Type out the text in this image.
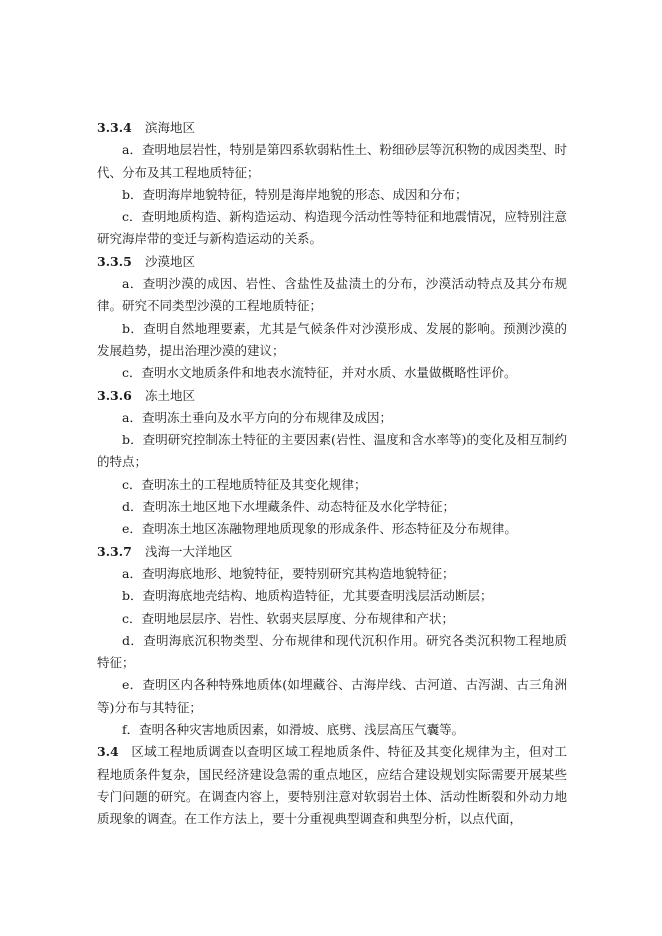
3.3.4 滨海地区

a．查明地层岩性，特别是第四系软弱粘性土、粉细砂层等沉积物的成因类型、时代、分布及其工程地质特征；

b．查明海岸地貌特征，特别是海岸地貌的形态、成因和分布；

c．查明地质构造、新构造运动、构造现今活动性等特征和地震情况，应特别注意研究海岸带的变迁与新构造运动的关系。

3.3.5 沙漠地区

a．查明沙漠的成因、岩性、含盐性及盐渍土的分布，沙漠活动特点及其分布规律。研究不同类型沙漠的工程地质特征；

b．查明自然地理要素，尤其是气候条件对沙漠形成、发展的影响。预测沙漠的发展趋势，提出治理沙漠的建议；

c．查明水文地质条件和地表水流特征，并对水质、水量做概略性评价。

3.3.6 冻土地区

a．查明冻土垂向及水平方向的分布规律及成因；

b．查明研究控制冻土特征的主要因素(岩性、温度和含水率等)的变化及相互制约的特点；

c．查明冻土的工程地质特征及其变化规律；

d．查明冻土地区地下水埋藏条件、动态特征及水化学特征；

e．查明冻土地区冻融物理地质现象的形成条件、形态特征及分布规律。

3.3.7 浅海一大洋地区

a．查明海底地形、地貌特征，要特别研究其构造地貌特征；

b．查明海底地壳结构、地质构造特征，尤其要查明浅层活动断层；

c．查明地层层序、岩性、软弱夹层厚度、分布规律和产状；

d．查明海底沉积物类型、分布规律和现代沉积作用。研究各类沉积物工程地质特征；

e．查明区内各种特殊地质体(如埋藏谷、古海岸线、古河道、古泻湖、古三角洲等)分布与其特征；

f．查明各种灾害地质因素，如滑坡、底劈、浅层高压气囊等。

3.4 区域工程地质调查以查明区域工程地质条件、特征及其变化规律为主，但对工程地质条件复杂，国民经济建设急需的重点地区，应结合建设规划实际需要开展某些专门问题的研究。在调查内容上，要特别注意对软弱岩土体、活动性断裂和外动力地质现象的调查。在工作方法上，要十分重视典型调查和典型分析，以点代面，
